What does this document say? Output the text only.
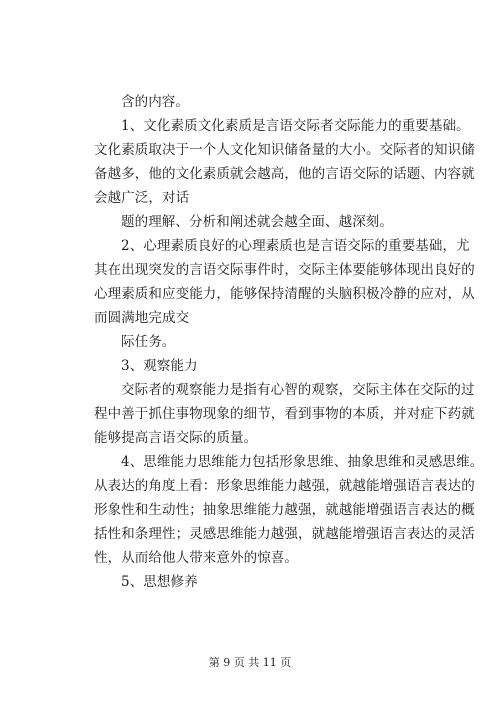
含的内容。

1、文化素质文化素质是言语交际者交际能力的重要基础。

文化素质取决于一个人文化知识储备量的大小。交际者的知识储

备越多，他的文化素质就会越高，他的言语交际的话题、内容就

会越广泛，对话

题的理解、分析和阐述就会越全面、越深刻。

2、心理素质良好的心理素质也是言语交际的重要基础，尤

其在出现突发的言语交际事件时，交际主体要能够体现出良好的

心理素质和应变能力，能够保持清醒的头脑积极冷静的应对，从

而圆满地完成交

际任务。

3、观察能力

交际者的观察能力是指有心智的观察，交际主体在交际的过

程中善于抓住事物现象的细节，看到事物的本质，并对症下药就

能够提高言语交际的质量。

4、思维能力思维能力包括形象思维、抽象思维和灵感思维。

从表达的角度上看：形象思维能力越强，就越能增强语言表达的

形象性和生动性；抽象思维能力越强，就越能增强语言表达的概

括性和条理性；灵感思维能力越强，就越能增强语言表达的灵活

性，从而给他人带来意外的惊喜。

5、思想修养

第 9 页 共 11 页
